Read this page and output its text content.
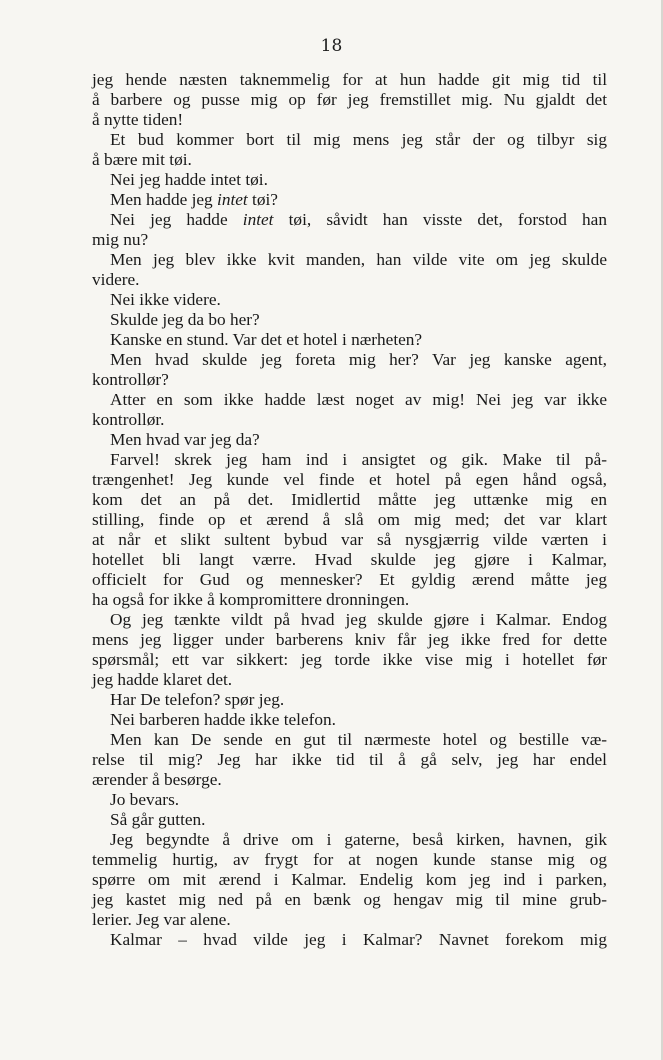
18
jeg hende næsten taknemmelig for at hun hadde git mig tid til
å barbere og pusse mig op før jeg fremstillet mig. Nu gjaldt det
å nytte tiden!
Et bud kommer bort til mig mens jeg står der og tilbyr sig
å bære mit tøi.
Nei jeg hadde intet tøi.
Men hadde jeg intet tøi?
Nei jeg hadde intet tøi, såvidt han visste det, forstod han
mig nu?
Men jeg blev ikke kvit manden, han vilde vite om jeg skulde
videre.
Nei ikke videre.
Skulde jeg da bo her?
Kanske en stund. Var det et hotel i nærheten?
Men hvad skulde jeg foreta mig her? Var jeg kanske agent,
kontrollør?
Atter en som ikke hadde læst noget av mig! Nei jeg var ikke
kontrollør.
Men hvad var jeg da?
Farvel! skrek jeg ham ind i ansigtet og gik. Make til på-
trængenhet! Jeg kunde vel finde et hotel på egen hånd også,
kom det an på det. Imidlertid måtte jeg uttænke mig en
stilling, finde op et ærend å slå om mig med; det var klart
at når et slikt sultent bybud var så nysgjærrig vilde værten i
hotellet bli langt værre. Hvad skulde jeg gjøre i Kalmar,
officielt for Gud og mennesker? Et gyldig ærend måtte jeg
ha også for ikke å kompromittere dronningen.
Og jeg tænkte vildt på hvad jeg skulde gjøre i Kalmar. Endog
mens jeg ligger under barberens kniv får jeg ikke fred for dette
spørsmål; ett var sikkert: jeg torde ikke vise mig i hotellet før
jeg hadde klaret det.
Har De telefon? spør jeg.
Nei barberen hadde ikke telefon.
Men kan De sende en gut til nærmeste hotel og bestille væ-
relse til mig? Jeg har ikke tid til å gå selv, jeg har endel
ærender å besørge.
Jo bevars.
Så går gutten.
Jeg begyndte å drive om i gaterne, beså kirken, havnen, gik
temmelig hurtig, av frygt for at nogen kunde stanse mig og
spørre om mit ærend i Kalmar. Endelig kom jeg ind i parken,
jeg kastet mig ned på en bænk og hengav mig til mine grub-
lerier. Jeg var alene.
Kalmar – hvad vilde jeg i Kalmar? Navnet forekom mig
